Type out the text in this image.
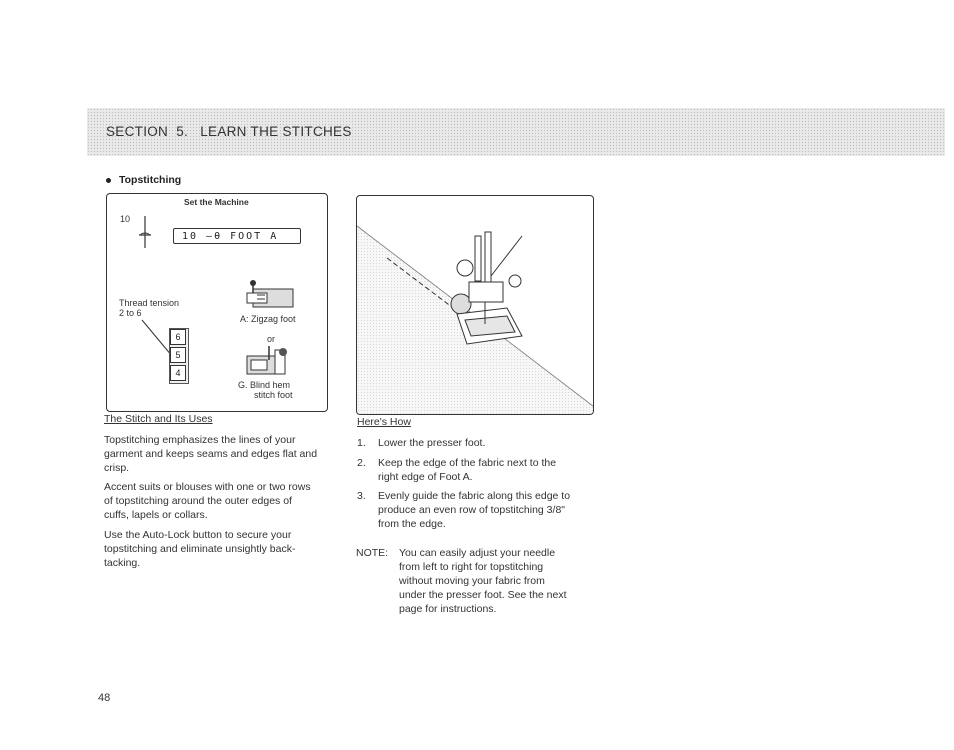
SECTION  5.   LEARN THE STITCHES
Topstitching
Set the Machine
10
10 ―θ FOOT A
Thread tension
2 to 6
6
5
4
A: Zigzag foot
or
G. Blind hem
stitch foot
The Stitch and Its Uses
Topstitching emphasizes the lines of your
garment and keeps seams and edges flat and
crisp.
Accent suits or blouses with one or two rows
of topstitching around the outer edges of
cuffs, lapels or collars.
Use the Auto-Lock button to secure your
topstitching and eliminate unsightly back-
tacking.
Here's How
1. Lower the presser foot.
2. Keep the edge of the fabric next to the
right edge of Foot A.
3. Evenly guide the fabric along this edge to
produce an even row of topstitching 3/8"
from the edge.
NOTE: You can easily adjust your needle
from left to right for topstitching
without moving your fabric from
under the presser foot. See the next
page for instructions.
48
